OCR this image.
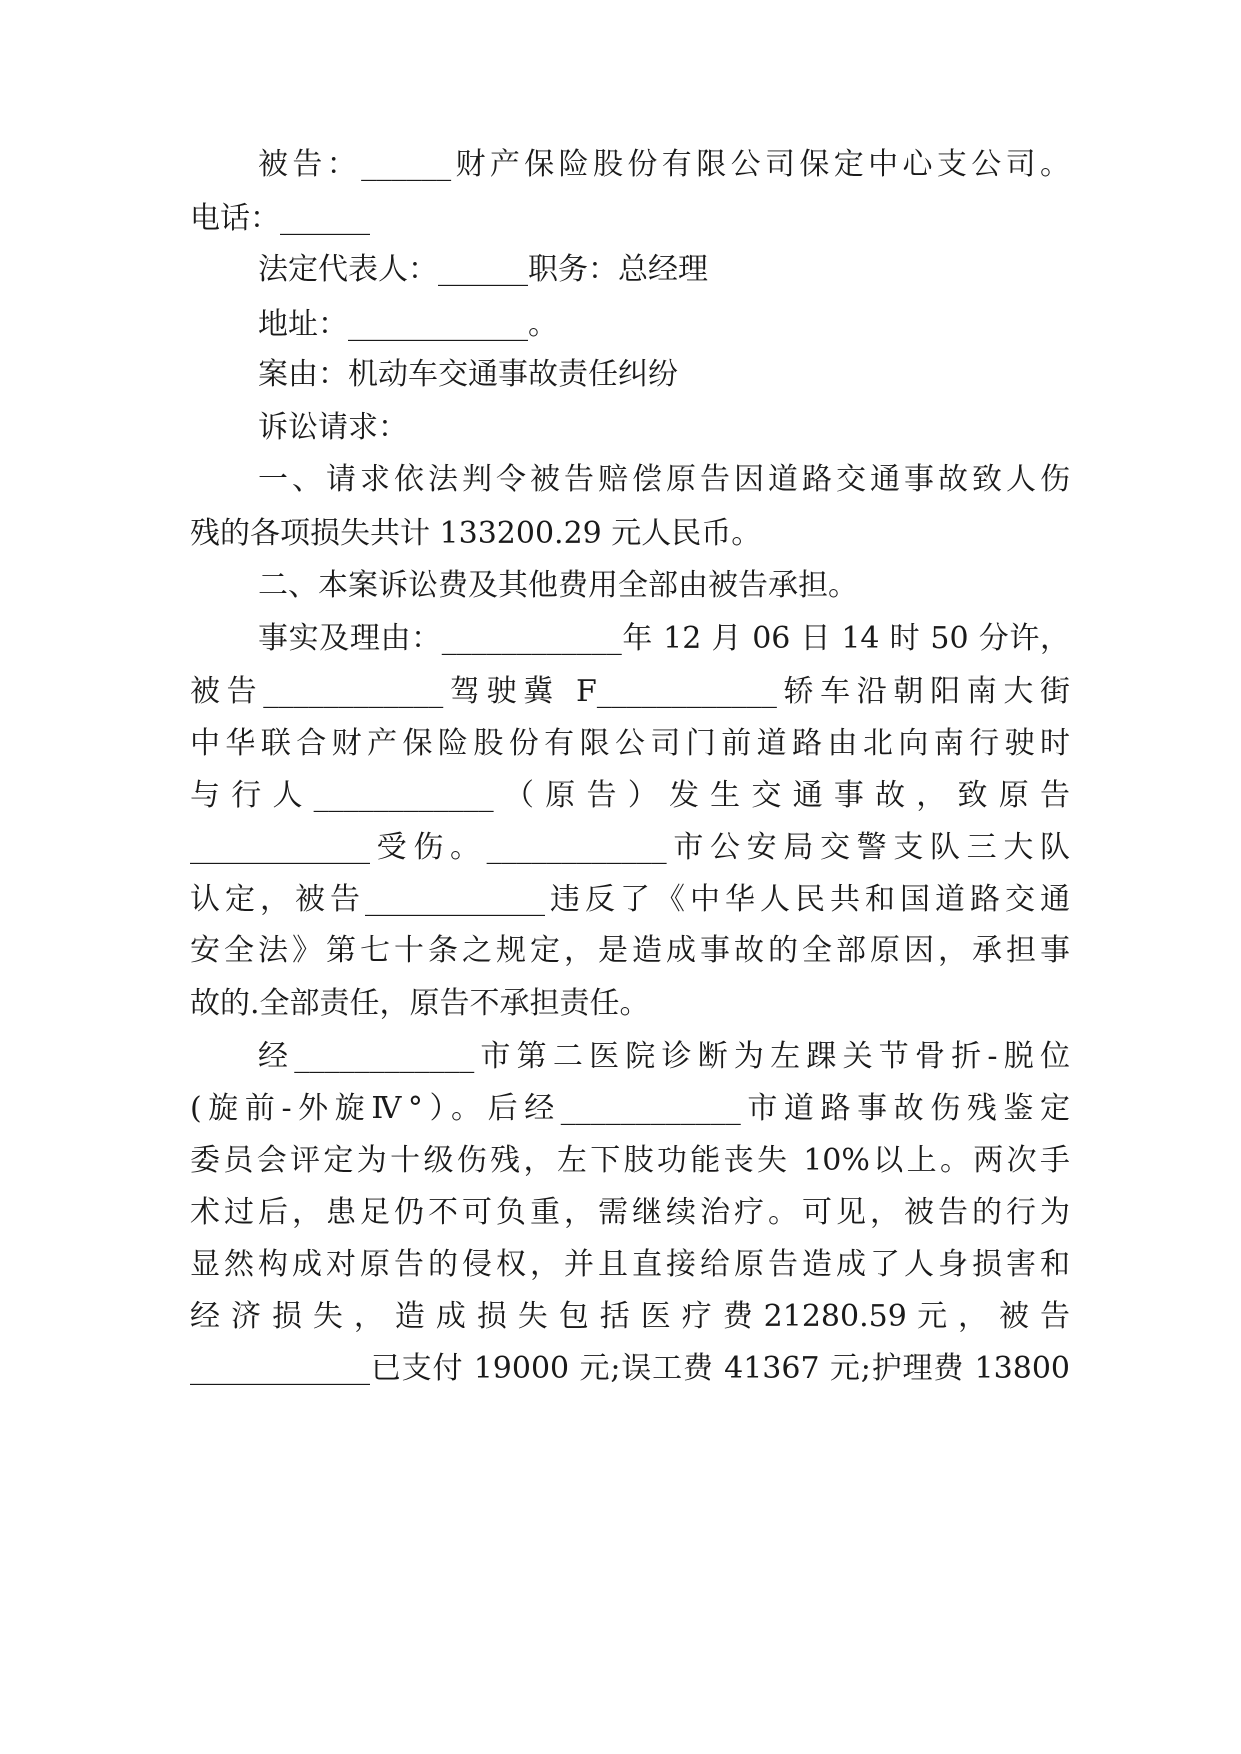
被告：______财产保险股份有限公司保定中心支公司。
电话：______
法定代表人：______职务：总经理
地址：____________。
案由：机动车交通事故责任纠纷
诉讼请求：
一、请求依法判令被告赔偿原告因道路交通事故致人伤
残的各项损失共计 133200.29 元人民币。
二、本案诉讼费及其他费用全部由被告承担。
事实及理由：____________年 12 月 06 日 14 时 50 分许，
被告____________驾驶冀 F____________轿车沿朝阳南大街
中华联合财产保险股份有限公司门前道路由北向南行驶时
与 行 人 ____________ （ 原 告 ） 发 生 交 通 事 故 ， 致 原 告
____________受伤。____________市公安局交警支队三大队
认定，被告____________违反了《中华人民共和国道路交通
安全法》第七十条之规定，是造成事故的全部原因，承担事
故的.全部责任，原告不承担责任。
经____________市第二医院诊断为左踝关节骨折-脱位
(旋前-外旋Ⅳ°）。后经____________市道路事故伤残鉴定
委员会评定为十级伤残，左下肢功能丧失 10%以上。两次手
术过后，患足仍不可负重，需继续治疗。可见，被告的行为
显然构成对原告的侵权，并且直接给原告造成了人身损害和
经 济 损 失 ， 造 成 损 失 包 括 医 疗 费 21280.59 元 ， 被 告
____________已支付 19000 元;误工费 41367 元;护理费 13800
